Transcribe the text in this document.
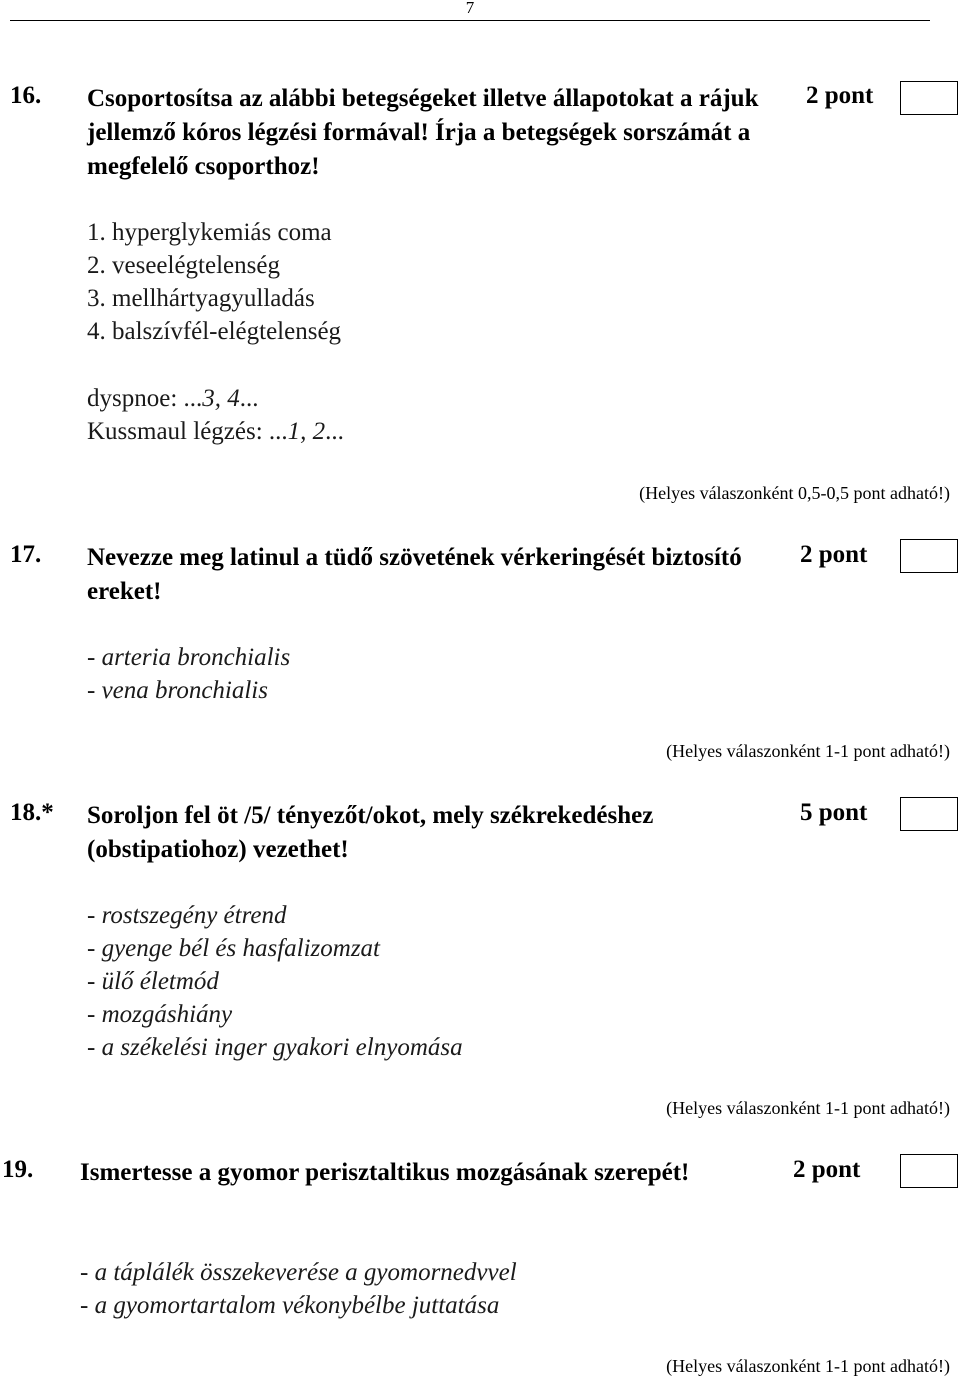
7
16. Csoportosítsa az alábbi betegségeket illetve állapotokat a rájuk jellemző kóros légzési formával! Írja a betegségek sorszámát a megfelelő csoporthoz!
2 pont
1. hyperglykemiás coma
2. veseelégtelenség
3. mellhártyagyulladás
4. balszívfél-elégtelenség
dyspnoe: ...3, 4...
Kussmaul légzés: ...1, 2...
(Helyes válaszonként 0,5-0,5 pont adható!)
17. Nevezze meg latinul a tüdő szövetének vérkeringését biztosító ereket!
2 pont
- arteria bronchialis
- vena bronchialis
(Helyes válaszonként 1-1 pont adható!)
18.* Soroljon fel öt /5/ tényezőt/okot, mely székrekedéshez (obstipatiohoz) vezethet!
5 pont
- rostszegény étrend
- gyenge bél és hasfalizomzat
- ülő életmód
- mozgáshiány
- a székelési inger gyakori elnyomása
(Helyes válaszonként 1-1 pont adható!)
19. Ismertesse a gyomor perisztaltikus mozgásának szerepét!	2 pont
- a táplálék összekeverése a gyomornedvvel
- a gyomortartalom vékonybélbe juttatása
(Helyes válaszonként 1-1 pont adható!)
